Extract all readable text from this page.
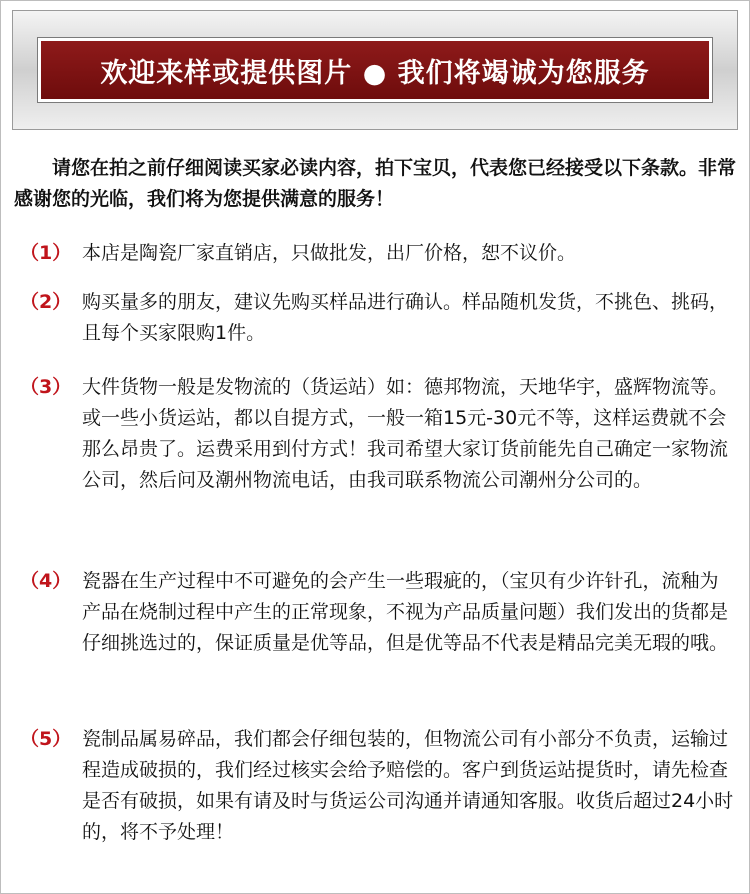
欢迎来样或提供图片 ● 我们将竭诚为您服务

请您在拍之前仔细阅读买家必读内容，拍下宝贝，代表您已经接受以下条款。非常感谢您的光临，我们将为您提供满意的服务！

（1） 本店是陶瓷厂家直销店，只做批发，出厂价格，恕不议价。
（2） 购买量多的朋友，建议先购买样品进行确认。样品随机发货，不挑色、挑码，且每个买家限购1件。
（3） 大件货物一般是发物流的（货运站）如：德邦物流，天地华宇，盛辉物流等。或一些小货运站，都以自提方式，一般一箱15元-30元不等，这样运费就不会那么昂贵了。运费采用到付方式！我司希望大家订货前能先自己确定一家物流公司，然后问及潮州物流电话，由我司联系物流公司潮州分公司的。
（4） 瓷器在生产过程中不可避免的会产生一些瑕疵的，（宝贝有少许针孔，流釉为产品在烧制过程中产生的正常现象，不视为产品质量问题）我们发出的货都是仔细挑选过的，保证质量是优等品，但是优等品不代表是精品完美无瑕的哦。
（5） 瓷制品属易碎品，我们都会仔细包装的，但物流公司有小部分不负责，运输过程造成破损的，我们经过核实会给予赔偿的。客户到货运站提货时，请先检查是否有破损，如果有请及时与货运公司沟通并请通知客服。收货后超过24小时的，将不予处理！
